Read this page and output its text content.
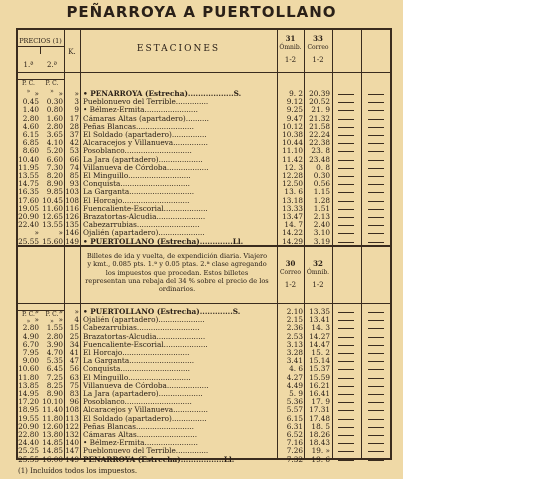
PEÑARROYA A PUERTOLLANO
PRECIOS (1)
1.ª	2.ª
K.	ESTACIONES
P. C.	P. C.
P. C.	P. C.
»	»
»	»
31
Ómnib.
1-2
33
Correo
1-2
30
Correo
1-2
32
Ómnib.
1-2
Billetes de ida y vuelta, de expendición diaria. Viajero y kmt., 0.085 pts. 1.ª y 0.05 ptas. 2.ª clase agregando los impuestos que procedan. Estos billetes representan una rebaja del 34 % sobre el precio de los ordinarios.
»	»	» • PEÑARROYA (Estrecha)..................S.	9. 2 20.39
0.45	0.30	3 Pueblonuevo del Terrible..............	9.12 20.52
1.40	0.80	9 • Bélmez-Ermita.......................	9.25	21. 9
2.80	1.60 17 Cámaras Altas (apartadero)..........	9.47 21.32
4.60	2.80 28 Peñas Blancas.........................	10.12 21.58
6.15	3.65 37 El Soldado (apartadero)...............	10.38 22.24
6.85	4.10 42 Alcaracejos y Villanueva...............	10.44 22.38
8.60	5.20 53 Posoblanco.............................	11.10	23. 8
10.40	6.60 66 La Jara (apartadero)...................	11.42 23.48
11.95	7.30 74 Villanueva de Córdoba..................	12. 3	0. 8
13.55	8.20 85 El Minguillo...........................	12.28	0.30
14.75	8.90 93 Conquista..............................	12.50	0.56
16.35	9.85 103 La Garganta............................	13. 6	1.15
17.60 10.45 108 El Horcajo.............................	13.18	1.28
19.05 11.60 116 Fuencaliente-Escorial...................	13.33	1.51
20.90 12.65 126 Brazatortas-Alcudia.....................	13.47	2.13
22.40 13.55 135 Cabezarrubias...........................	14. 7	2.40
»	» 146 Ojalién (apartadero)....................	14.22	3.10
25.55 15.60 149 • PUERTOLLANO (Estrecha).............Ll.	14.29	3.19
»	»	» • PUERTOLLANO (Estrecha).............S.	2.10 13.35
»	»	4 Ojalién (apartadero)....................	2.15 13.41
2.80	1.55 15 Cabezarrubias...........................	2.36	14. 3
4.90	2.80 25 Brazatortas-Alcudia.....................	2.53 14.27
6.70	3.90 34 Fuencaliente-Escorial...................	3.13 14.47
7.95	4.70 41 El Horcajo.............................	3.28	15. 2
9.00	5.35 47 La Garganta............................	3.41 15.14
10.60	6.45 56 Conquista..............................	4. 6 15.37
11.80	7.25 63 El Minguillo...........................	4.27 15.59
13.85	8.25 75 Villanueva de Córdoba..................	4.49 16.21
14.95	8.90 83 La Jara (apartadero)...................	5. 9 16.41
17.20 10.10 96 Posoblanco.............................	5.36	17. 9
18.95 11.40 108 Alcaracejos y Villanueva...............	5.57 17.31
19.55 11.80 113 El Soldado (apartadero)...............	6.15 17.48
20.90 12.60 122 Peñas Blancas.........................	6.31	18. 5
22.80 13.80 132 Cámaras Altas..........................	6.52 18.26
24.40 14.85 140 • Bélmez-Ermita.......................	7.16 18.43
25.25 14.85 147 Pueblonuevo del Terrible..............	7.26	19. »
25.55 16.00 149 PEÑARROYA (Estrecha).................Ll.	7.32	19. 6
(1) Incluídos todos los impuestos.
